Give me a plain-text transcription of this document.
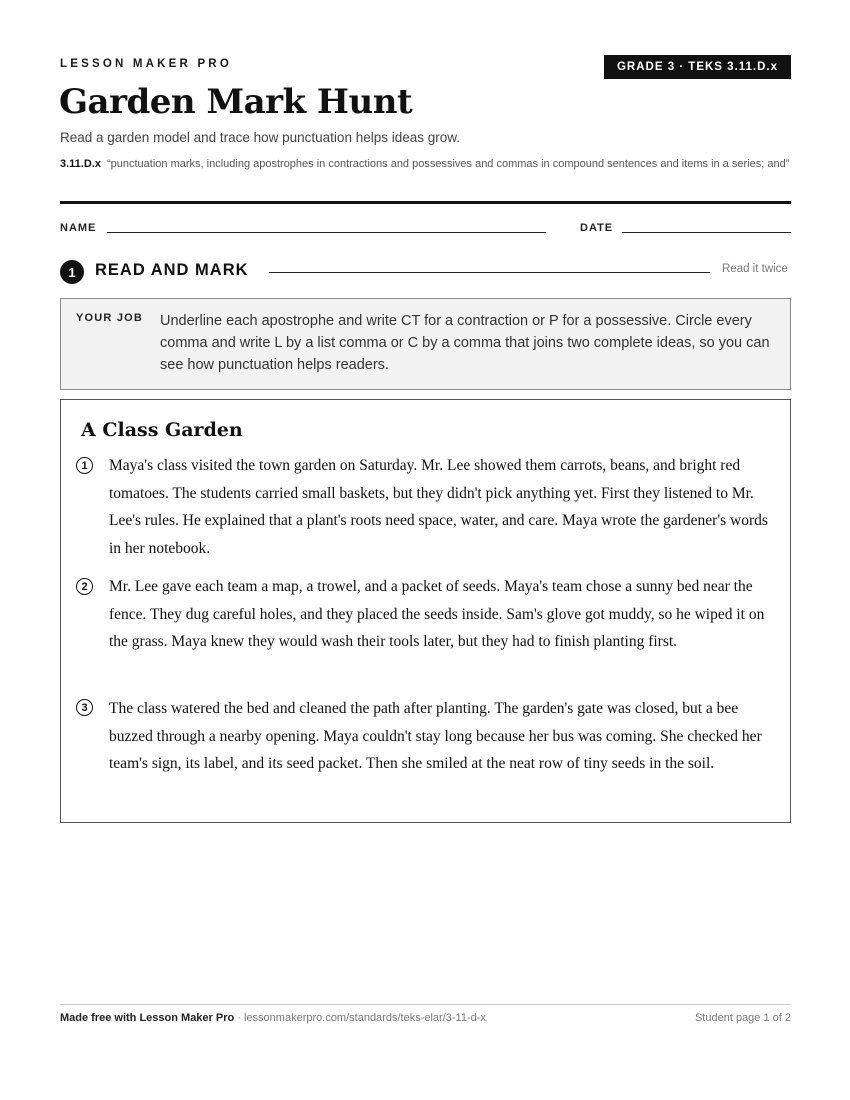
LESSON MAKER PRO	GRADE 3 · TEKS 3.11.D.x
Garden Mark Hunt
Read a garden model and trace how punctuation helps ideas grow.
3.11.D.x “punctuation marks, including apostrophes in contractions and possessives and commas in compound sentences and items in a series; and”
NAME	DATE
1	READ AND MARK	Read it twice
YOUR JOB Underline each apostrophe and write CT for a contraction or P for a possessive. Circle every comma and write L by a list comma or C by a comma that joins two complete ideas, so you can see how punctuation helps readers.
A Class Garden
1	Maya's class visited the town garden on Saturday. Mr. Lee showed them carrots, beans, and bright red tomatoes. The students carried small baskets, but they didn't pick anything yet. First they listened to Mr. Lee's rules. He explained that a plant's roots need space, water, and care. Maya wrote the gardener's words in her notebook.

2	Mr. Lee gave each team a map, a trowel, and a packet of seeds. Maya's team chose a sunny bed near the fence. They dug careful holes, and they placed the seeds inside. Sam's glove got muddy, so he wiped it on the grass. Maya knew they would wash their tools later, but they had to finish planting first.

3	The class watered the bed and cleaned the path after planting. The garden's gate was closed, but a bee buzzed through a nearby opening. Maya couldn't stay long because her bus was coming. She checked her team's sign, its label, and its seed packet. Then she smiled at the neat row of tiny seeds in the soil.

Made free with Lesson Maker Pro · lessonmakerpro.com/standards/teks-elar/3-11-d-x	Student page 1 of 2
